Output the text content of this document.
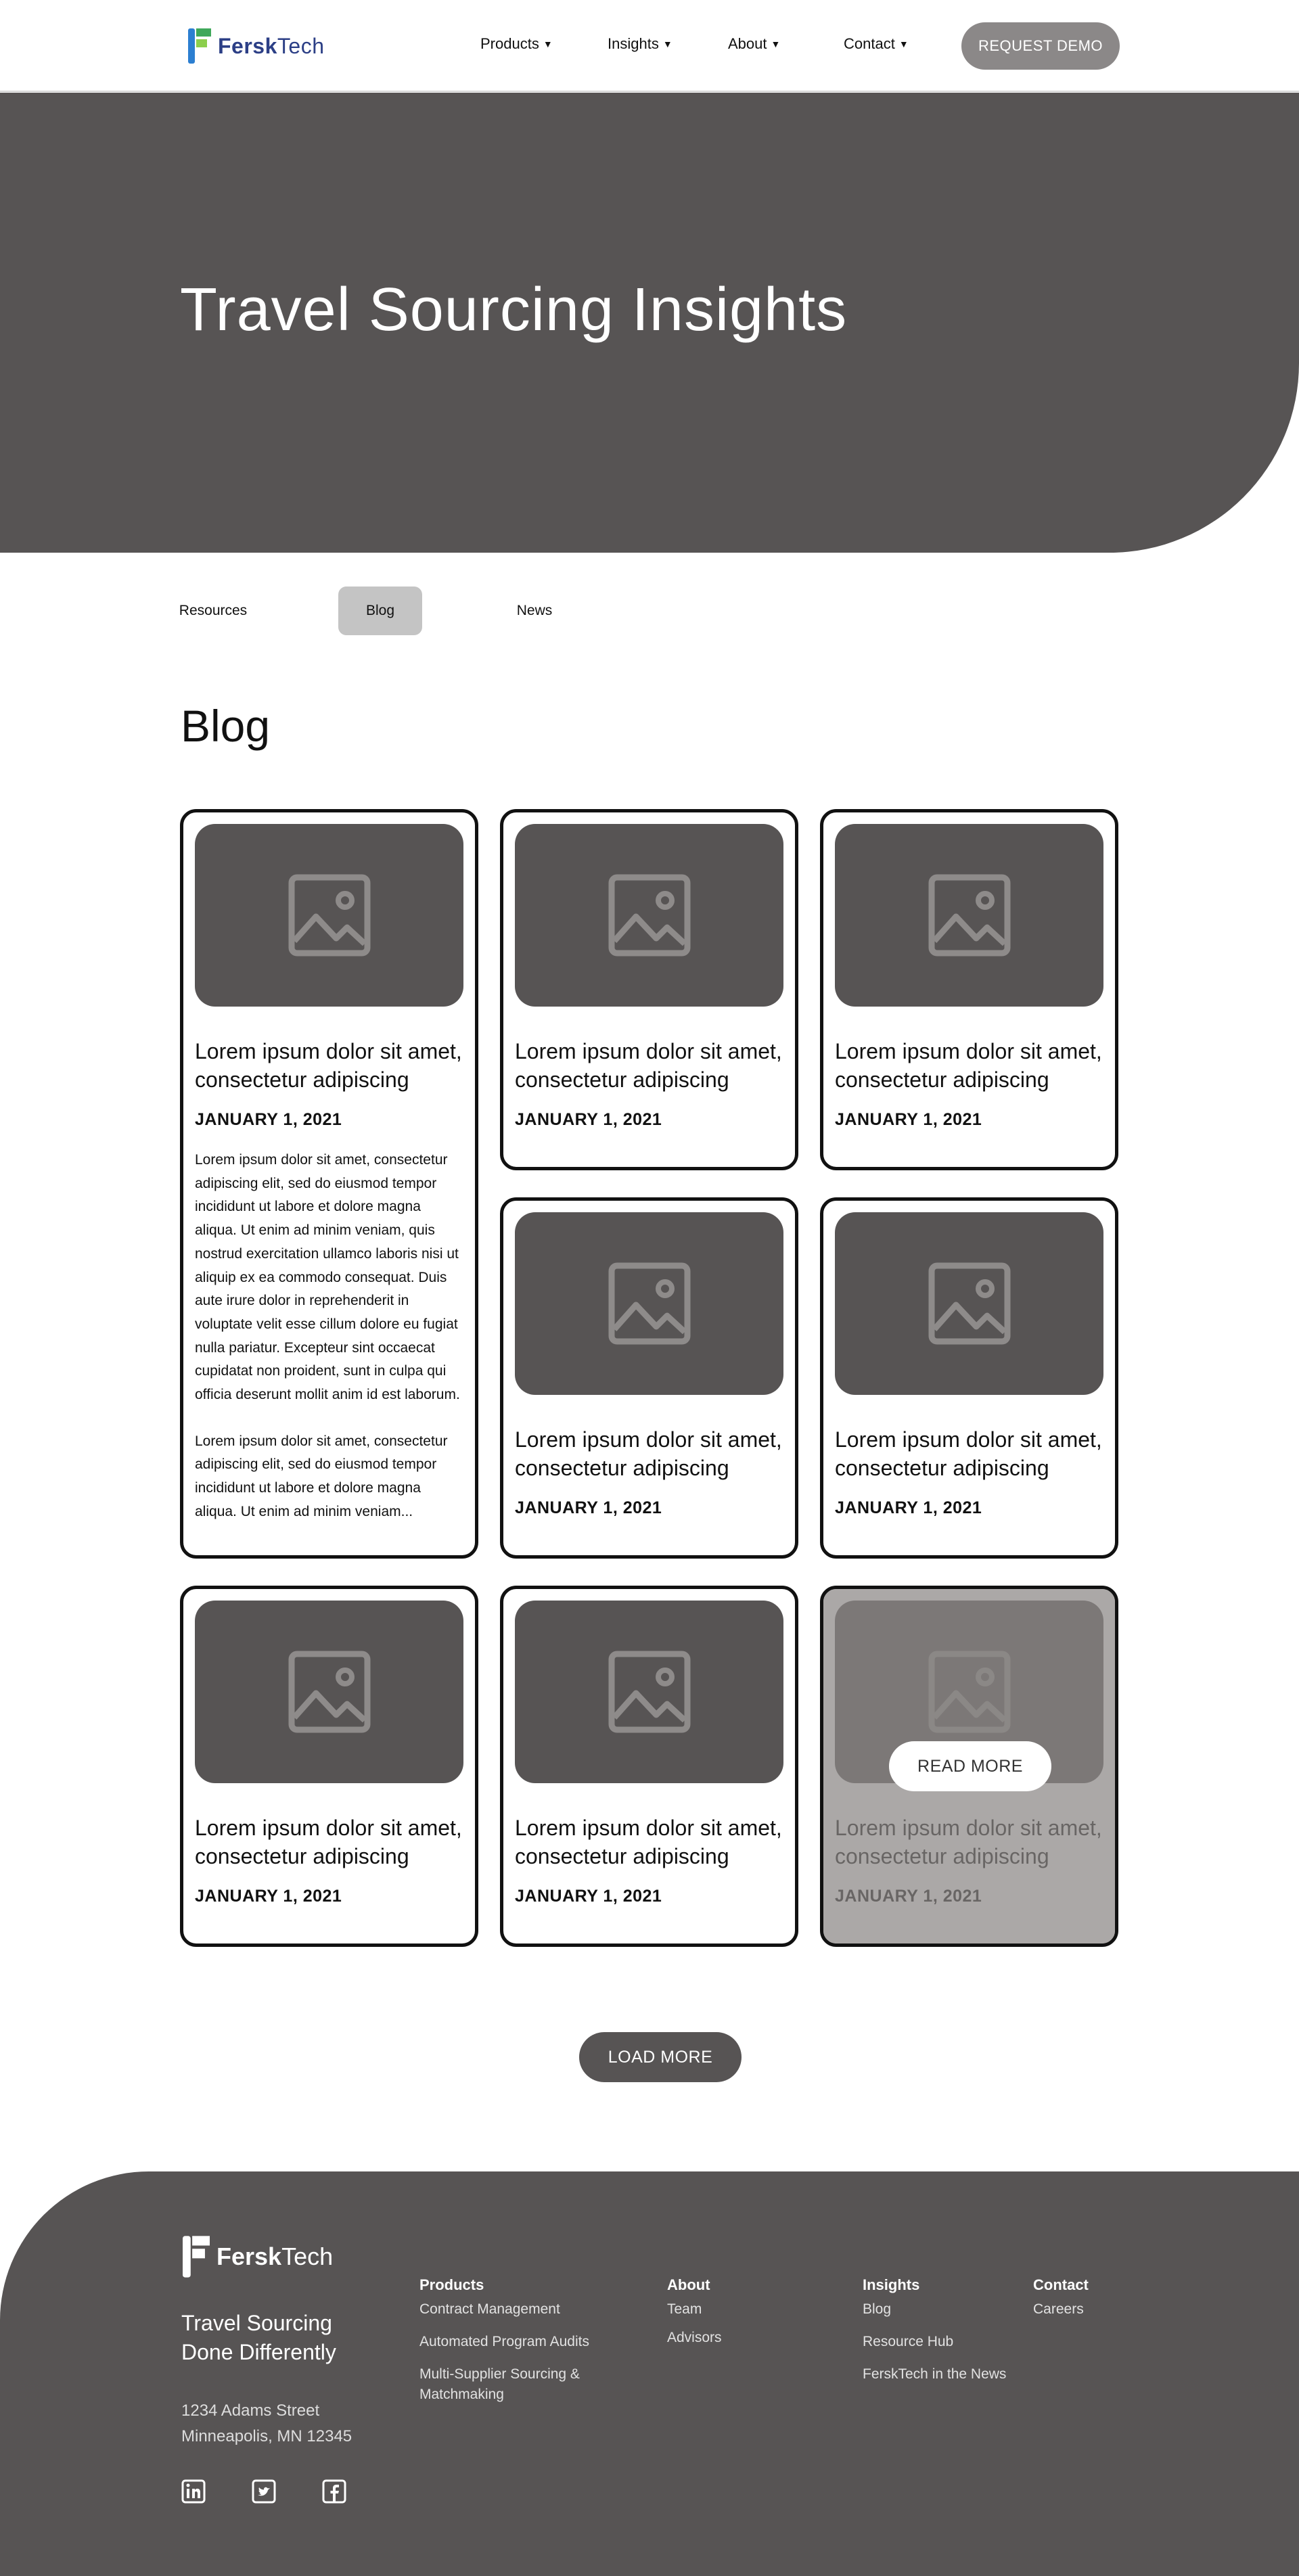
FerskTech	Products ▼	Insights ▼	About ▼	Contact ▼	REQUEST DEMO
Travel Sourcing Insights
Resources	Blog	News
Blog
Lorem ipsum dolor sit amet, consectetur adipiscing
JANUARY 1, 2021

Lorem ipsum dolor sit amet, consectetur adipiscing elit, sed do eiusmod tempor incididunt ut labore et dolore magna aliqua. Ut enim ad minim veniam, quis nostrud exercitation ullamco laboris nisi ut aliquip ex ea commodo consequat. Duis aute irure dolor in reprehenderit in voluptate velit esse cillum dolore eu fugiat nulla pariatur. Excepteur sint occaecat cupidatat non proident, sunt in culpa qui officia deserunt mollit anim id est laborum.

Lorem ipsum dolor sit amet, consectetur adipiscing elit, sed do eiusmod tempor incididunt ut labore et dolore magna aliqua. Ut enim ad minim veniam...

Lorem ipsum dolor sit amet, consectetur adipiscing
JANUARY 1, 2021
Lorem ipsum dolor sit amet, consectetur adipiscing
JANUARY 1, 2021
Lorem ipsum dolor sit amet, consectetur adipiscing
JANUARY 1, 2021
Lorem ipsum dolor sit amet, consectetur adipiscing
JANUARY 1, 2021
Lorem ipsum dolor sit amet, consectetur adipiscing
JANUARY 1, 2021
Lorem ipsum dolor sit amet, consectetur adipiscing
JANUARY 1, 2021
READ MORE
LOAD MORE
FerskTech
Travel Sourcing Done Differently
1234 Adams Street
Minneapolis, MN 12345
Products
Contract Management
Automated Program Audits
Multi-Supplier Sourcing & Matchmaking
About
Team
Advisors
Insights
Blog
Resource Hub
FerskTech in the News
Contact
Careers
